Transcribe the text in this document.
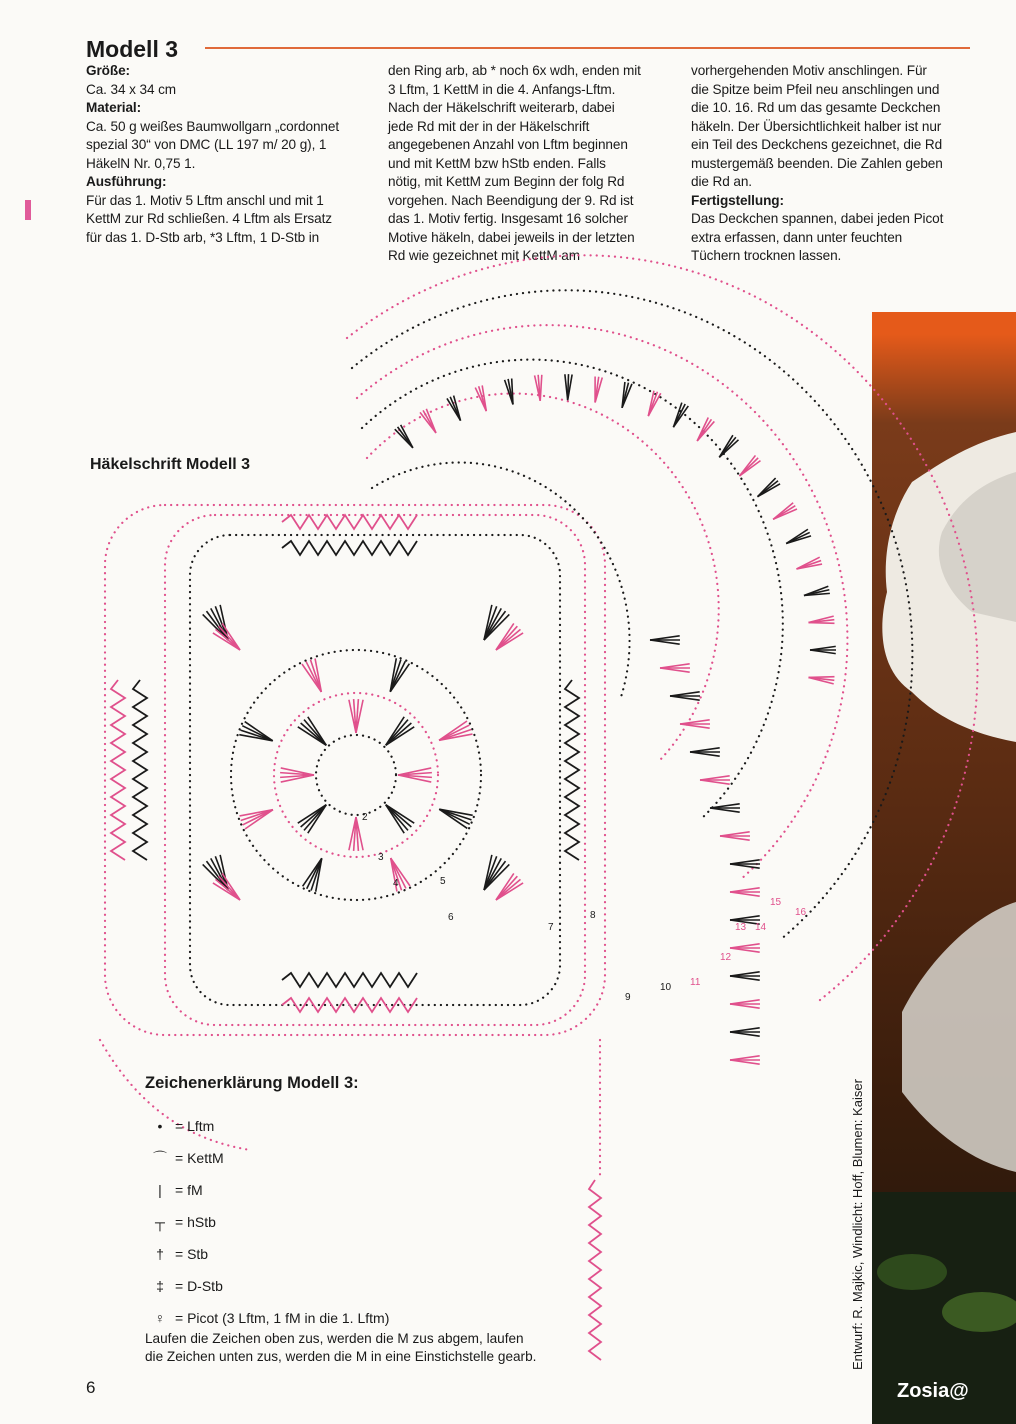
Modell 3

Größe:

Ca. 34 x 34 cm

Material:

Ca. 50 g weißes Baumwollgarn „cordonnet

spezial 30“ von DMC (LL 197 m/ 20 g), 1

HäkelN Nr. 0,75 1.

Ausführung:

Für das 1. Motiv 5 Lftm anschl und mit 1

KettM zur Rd schließen. 4 Lftm als Ersatz

für das 1. D-Stb arb, *3 Lftm, 1 D-Stb in

den Ring arb, ab * noch 6x wdh, enden mit

3 Lftm, 1 KettM in die 4. Anfangs-Lftm.

Nach der Häkelschrift weiterarb, dabei

jede Rd mit der in der Häkelschrift

angegebenen Anzahl von Lftm beginnen

und mit KettM bzw hStb enden. Falls

nötig, mit KettM zum Beginn der folg Rd

vorgehen. Nach Beendigung der 9. Rd ist

das 1. Motiv fertig. Insgesamt 16 solcher

Motive häkeln, dabei jeweils in der letzten

Rd wie gezeichnet mit KettM am

vorhergehenden Motiv anschlingen. Für

die Spitze beim Pfeil neu anschlingen und

die 10. 16. Rd um das gesamte Deckchen

häkeln. Der Übersichtlichkeit halber ist nur

ein Teil des Deckchens gezeichnet, die Rd

mustergemäß beenden. Die Zahlen geben

die Rd an.

Fertigstellung:

Das Deckchen spannen, dabei jeden Picot

extra erfassen, dann unter feuchten

Tüchern trocknen lassen.

2
3
4	5
6
7
8
9
10 11
12
13 14
15
16
Häkelschrift Modell 3
Zeichenerklärung Modell 3:
• = Lftm
⌒ = KettM
| = fM
┬ = hStb
† = Stb
‡ = D-Stb
♀ = Picot (3 Lftm, 1 fM in die 1. Lftm)
Laufen die Zeichen oben zus, werden die M zus abgem, laufen
die Zeichen unten zus, werden die M in eine Einstichstelle gearb.
6
Entwurf: R. Majkic, Windlicht: Hoff, Blumen: Kaiser
Zosia@
